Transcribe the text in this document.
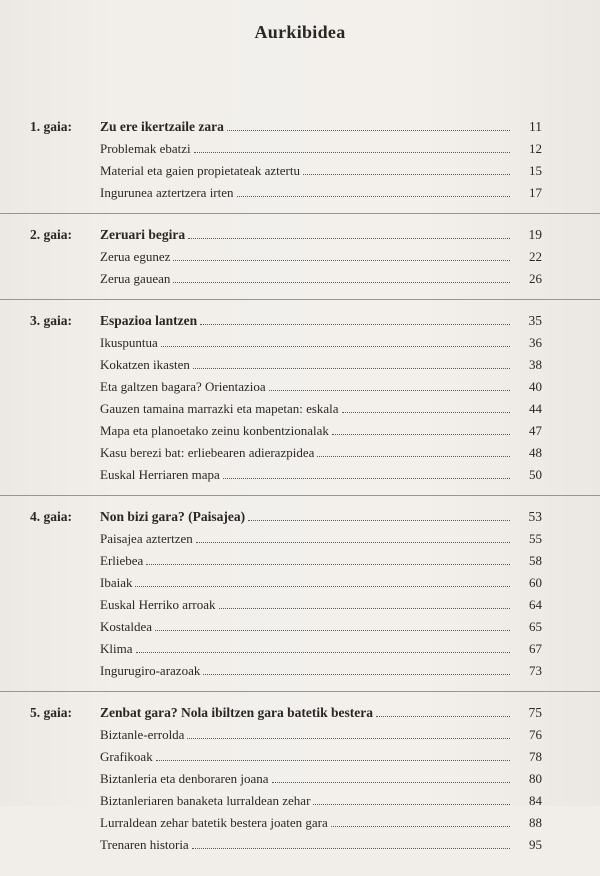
Aurkibidea
1. gaia: Zu ere ikertzaile zara	11
Problemak ebatzi	12
Material eta gaien propietateak aztertu	15
Ingurunea aztertzera irten	17
2. gaia: Zeruari begira	19
Zerua egunez	22
Zerua gauean	26
3. gaia: Espazioa lantzen	35
Ikuspuntua	36
Kokatzen ikasten	38
Eta galtzen bagara? Orientazioa	40
Gauzen tamaina marrazki eta mapetan: eskala	44
Mapa eta planoetako zeinu konbentzionalak	47
Kasu berezi bat: erliebearen adierazpidea	48
Euskal Herriaren mapa	50
4. gaia: Non bizi gara? (Paisajea)	53
Paisajea aztertzen	55
Erliebea	58
Ibaiak	60
Euskal Herriko arroak	64
Kostaldea	65
Klima	67
Ingurugiro-arazoak	73
5. gaia: Zenbat gara? Nola ibiltzen gara batetik bestera	75
Biztanle-errolda	76
Grafikoak	78
Biztanleria eta denboraren joana	80
Biztanleriaren banaketa lurraldean zehar	84
Lurraldean zehar batetik bestera joaten gara	88
Trenaren historia	95
